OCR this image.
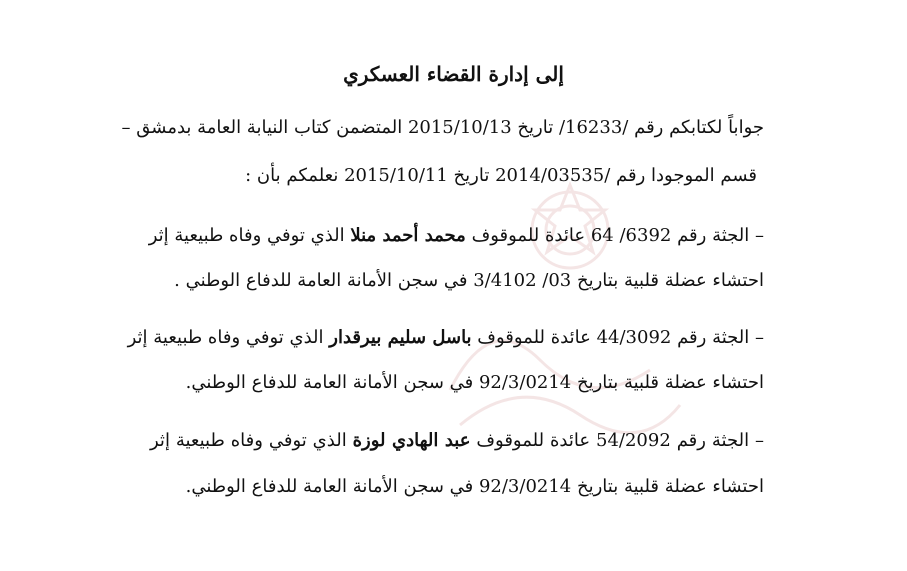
إلى إدارة القضاء العسكري
جواباً لكتابكم رقم /16233/ تاريخ 2015/10/13 المتضمن كتاب النيابة العامة بدمشق –
قسم الموجودا رقم /2014/03535 تاريخ 2015/10/11 نعلمكم بأن :
– الجثة رقم 6392/ 64 عائدة للموقوف محمد أحمد منلا الذي توفي وفاه طبيعية إثر
احتشاء عضلة قلبية بتاريخ 03/ 3/4102 في سجن الأمانة العامة للدفاع الوطني .
– الجثة رقم 44/3092 عائدة للموقوف باسل سليم بيرقدار الذي توفي وفاه طبيعية إثر
احتشاء عضلة قلبية بتاريخ 92/3/0214 في سجن الأمانة العامة للدفاع الوطني.
– الجثة رقم 54/2092 عائدة للموقوف عبد الهادي لوزة الذي توفي وفاه طبيعية إثر
احتشاء عضلة قلبية بتاريخ 92/3/0214 في سجن الأمانة العامة للدفاع الوطني.
